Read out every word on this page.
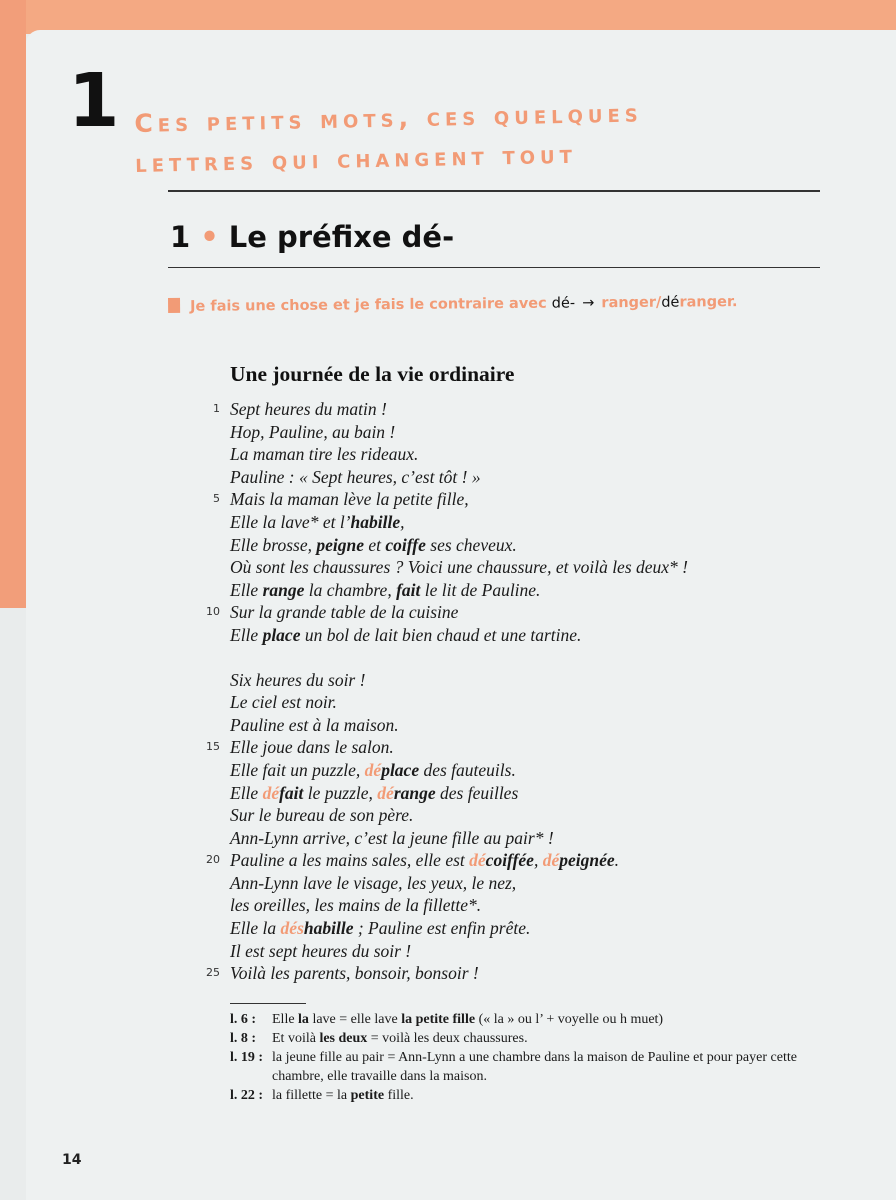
1 Ces petits mots, ces quelques
lettres qui changent tout
1 • Le préfixe dé-
Je fais une chose et je fais le contraire avec dé- → ranger/déranger.
Une journée de la vie ordinaire
1 Sept heures du matin !
Hop, Pauline, au bain !
La maman tire les rideaux.
Pauline : « Sept heures, c’est tôt ! »
5 Mais la maman lève la petite fille,
Elle la lave* et l’habille,
Elle brosse, peigne et coiffe ses cheveux.
Où sont les chaussures ? Voici une chaussure, et voilà les deux* !
Elle range la chambre, fait le lit de Pauline.
10 Sur la grande table de la cuisine
Elle place un bol de lait bien chaud et une tartine.
Six heures du soir !
Le ciel est noir.
Pauline est à la maison.
15 Elle joue dans le salon.
Elle fait un puzzle, déplace des fauteuils.
Elle défait le puzzle, dérange des feuilles
Sur le bureau de son père.
Ann-Lynn arrive, c’est la jeune fille au pair* !
20 Pauline a les mains sales, elle est décoiffée, dépeignée.
Ann-Lynn lave le visage, les yeux, le nez,
les oreilles, les mains de la fillette*.
Elle la déshabille ; Pauline est enfin prête.
Il est sept heures du soir !
25 Voilà les parents, bonsoir, bonsoir !
l. 6 : Elle la lave = elle lave la petite fille (« la » ou l’ + voyelle ou h muet)
l. 8 : Et voilà les deux = voilà les deux chaussures.
l. 19 : la jeune fille au pair = Ann-Lynn a une chambre dans la maison de Pauline et pour payer cette chambre, elle travaille dans la maison.
l. 22 : la fillette = la petite fille.
14
